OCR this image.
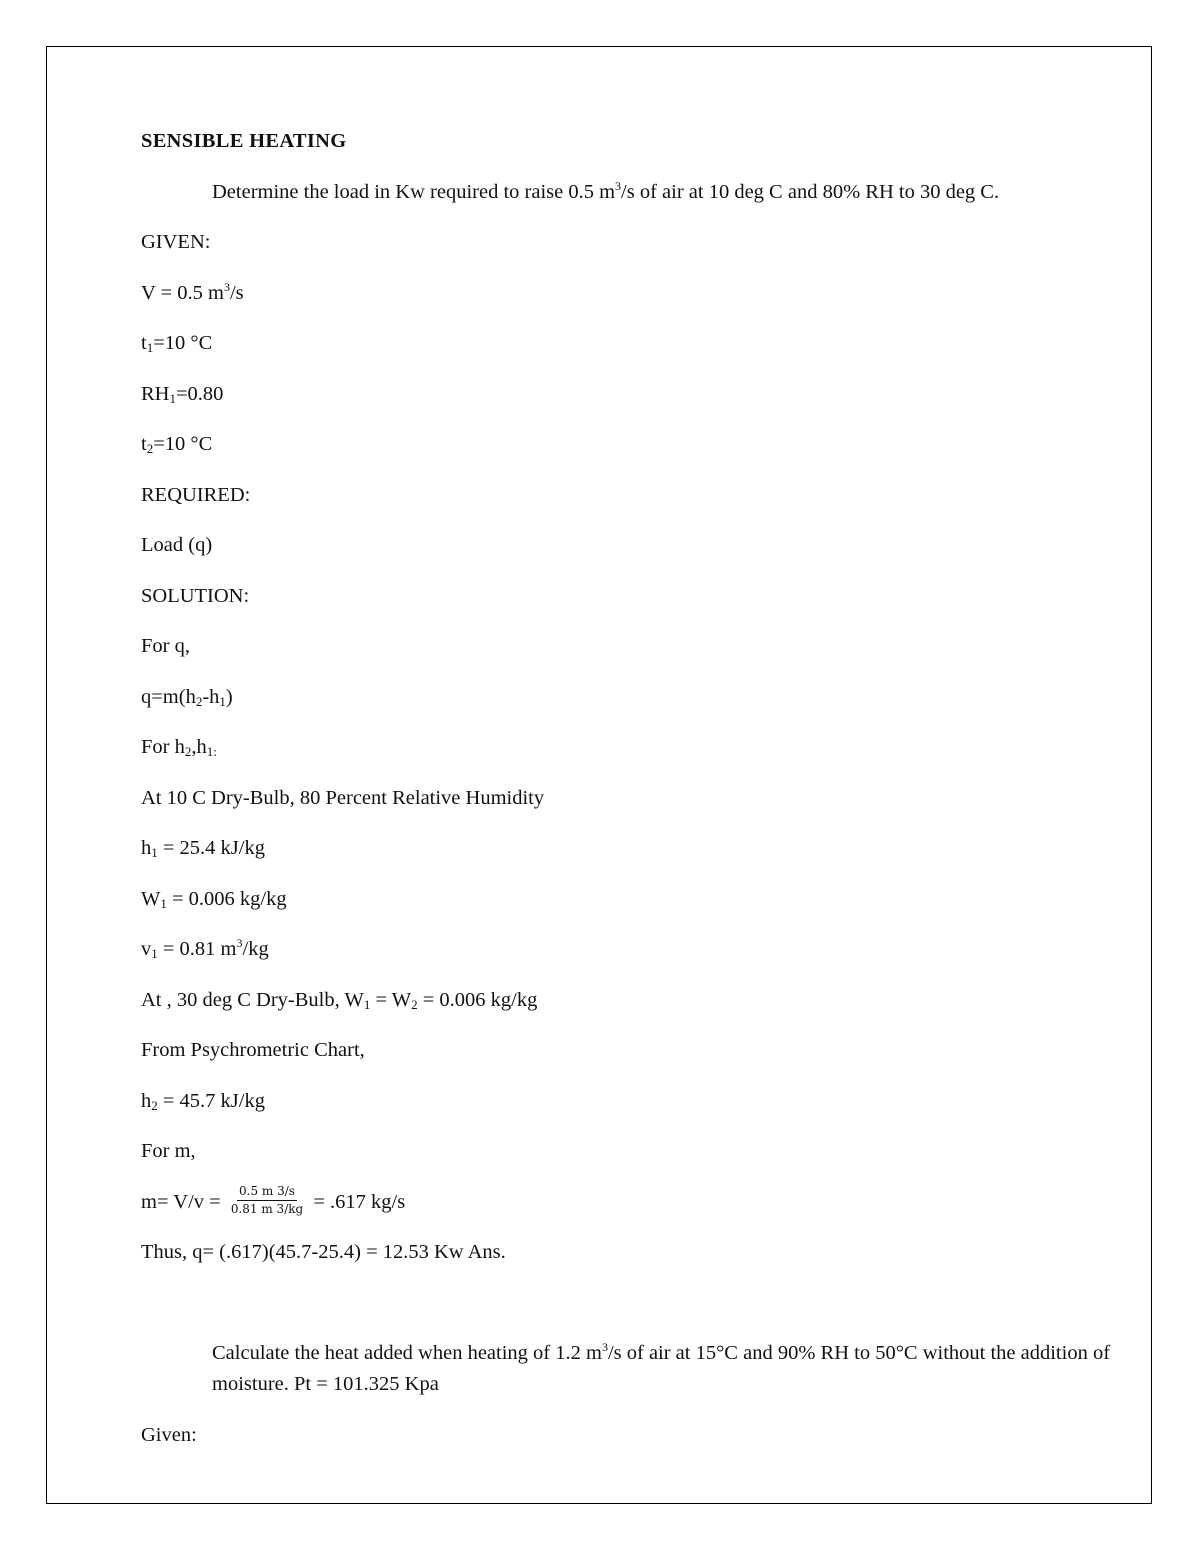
SENSIBLE HEATING

Determine the load in Kw required to raise 0.5 $m^3/s$ of air at 10 deg C and 80% RH to 30 deg C.

GIVEN:

V = 0.5 $m^3/s$

$t_1=10$ °C

$RH_1=0.80$

$t_2=10$ °C

REQUIRED:

Load (q)

SOLUTION:

For q,

$q=m(h_2-h_1)$

For $h_2,h_{1:}$

At 10 C Dry-Bulb, 80 Percent Relative Humidity

$h_1 = 25.4$ kJ/kg

$W_1 = 0.006$ kg/kg

$v_1 = 0.81$ $m^3/kg$

At , 30 deg C Dry-Bulb, $W_1 = W_2 = 0.006$ kg/kg

From Psychrometric Chart,

$h_2 = 45.7$ kJ/kg

For m,

$m= V/v = \frac{0.5 m 3/s}{0.81 m 3/kg} = .617$ kg/s

Thus, q= (.617)(45.7-25.4) = 12.53 Kw Ans.

Calculate the heat added when heating of 1.2 $m^3/s$ of air at 15°C and 90% RH to 50°C without the addition of moisture. Pt = 101.325 Kpa

Given:
